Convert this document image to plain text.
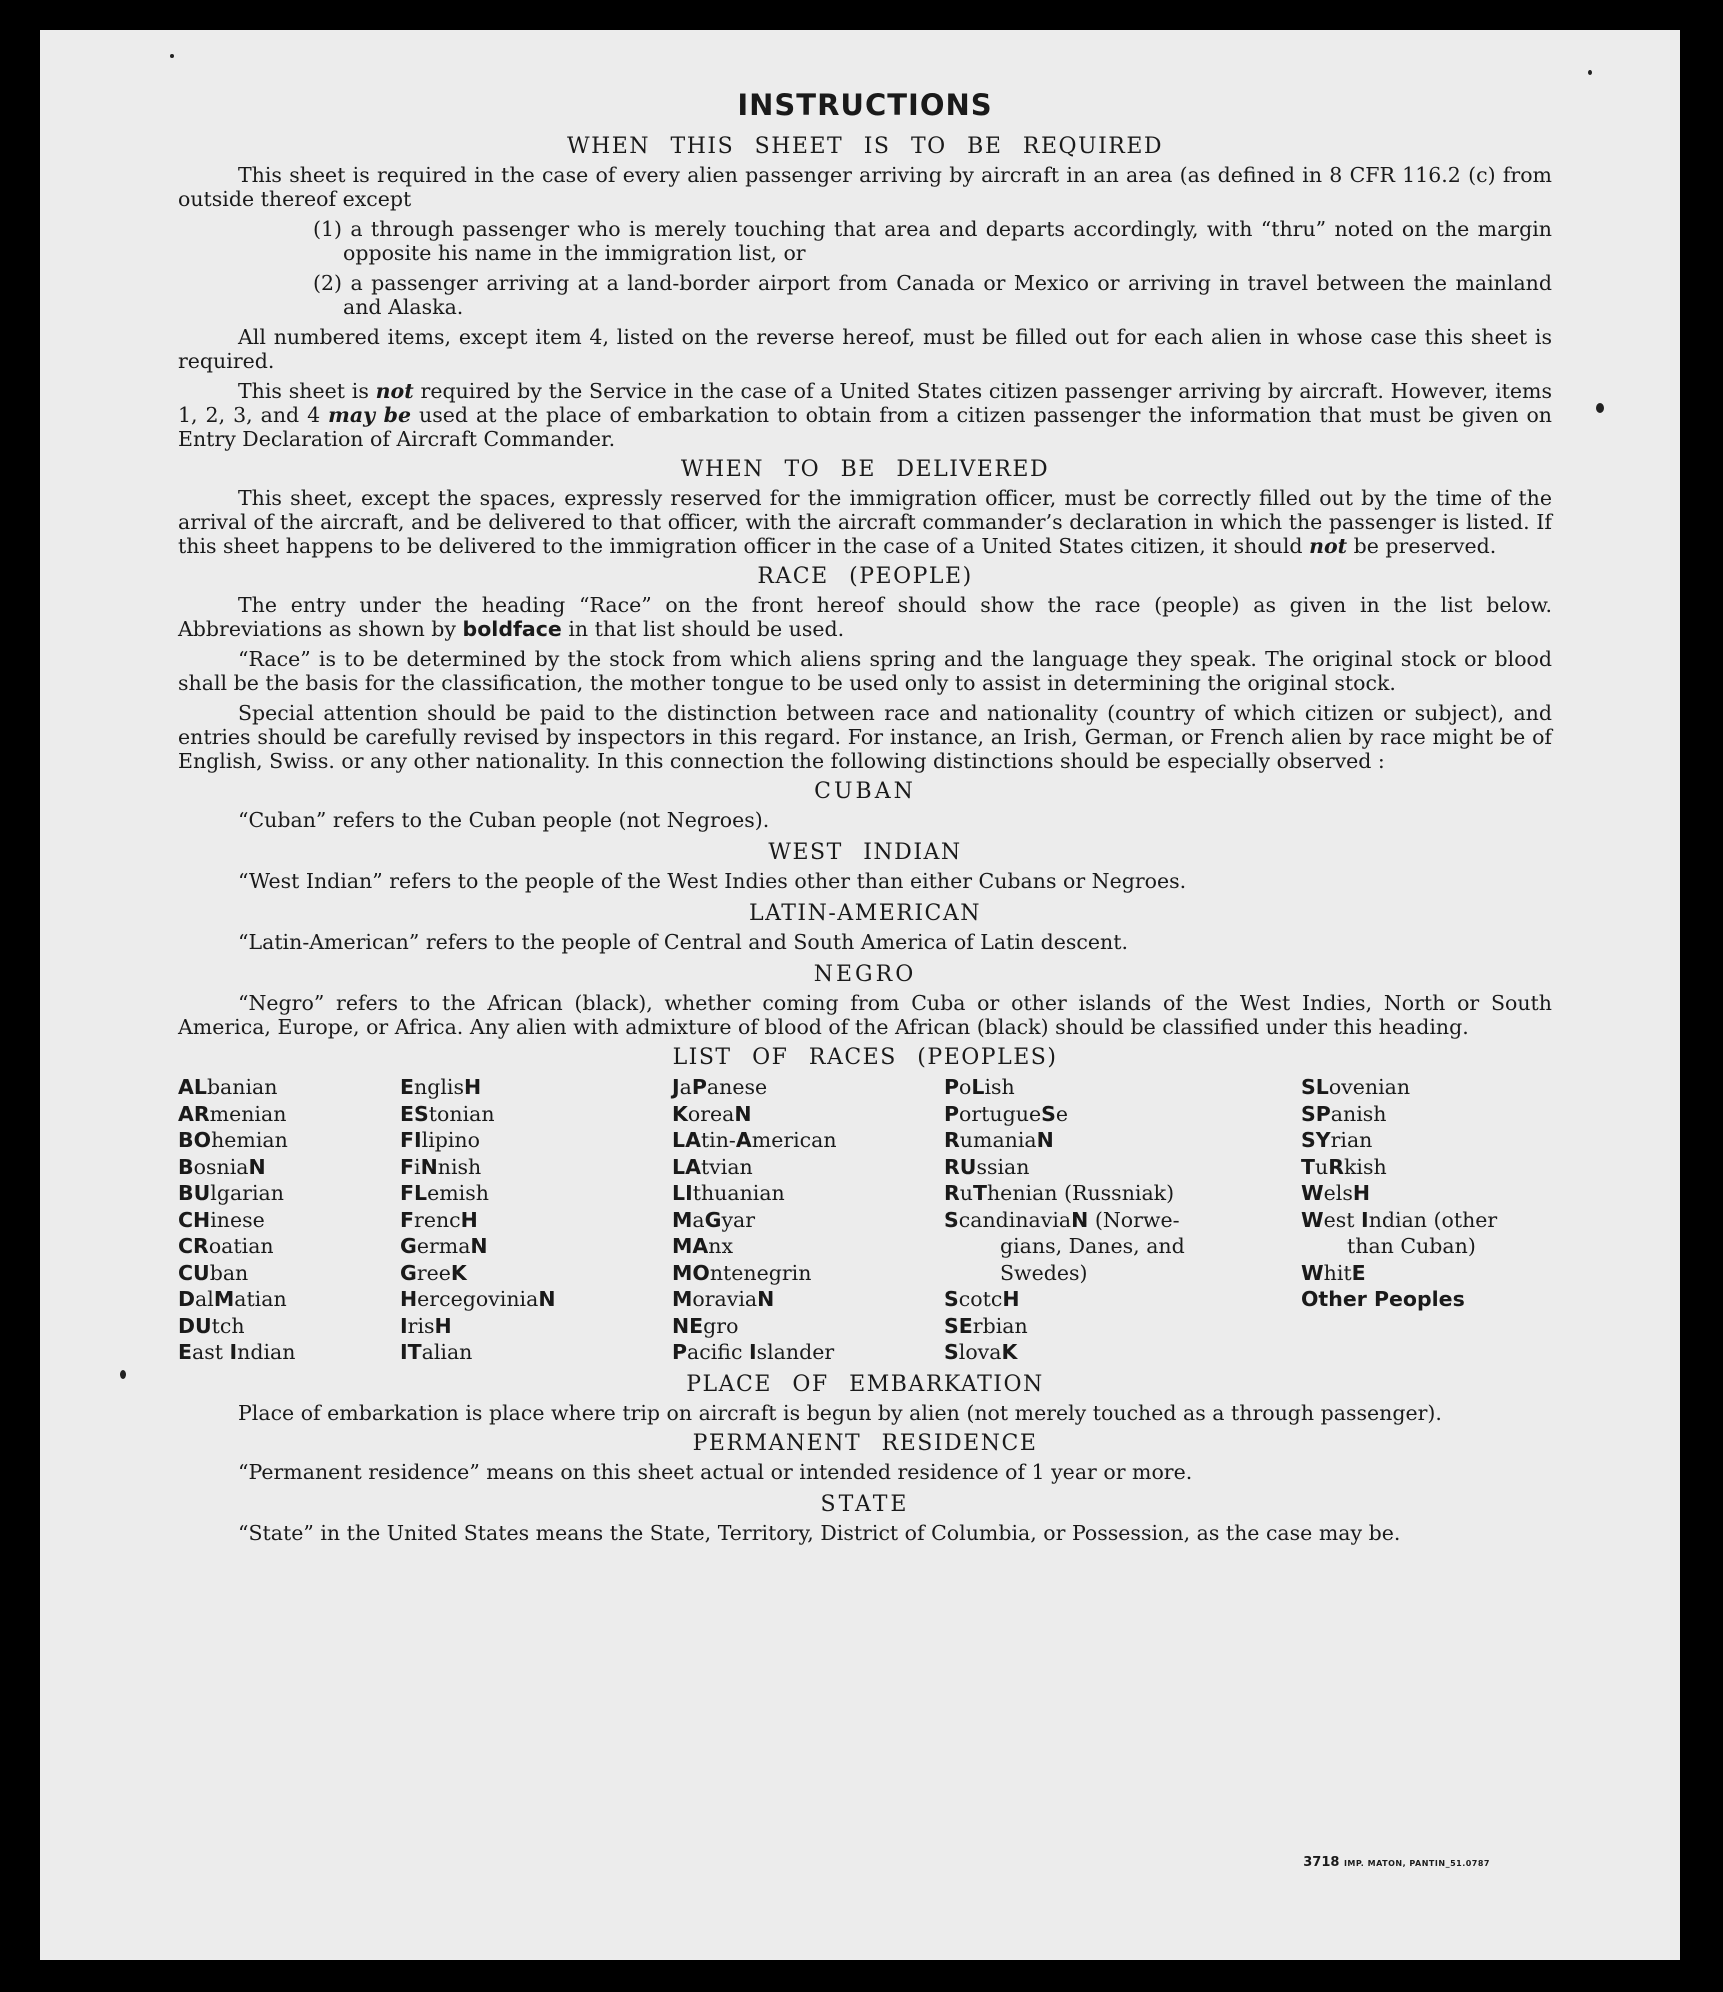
INSTRUCTIONS
WHEN THIS SHEET IS TO BE REQUIRED

This sheet is required in the case of every alien passenger arriving by aircraft in an area (as defined in 8 CFR 116.2 (c) from outside thereof except

(1) a through passenger who is merely touching that area and departs accordingly, with “thru” noted on the margin opposite his name in the immigration list, or

(2) a passenger arriving at a land-border airport from Canada or Mexico or arriving in travel between the mainland and Alaska.

All numbered items, except item 4, listed on the reverse hereof, must be filled out for each alien in whose case this sheet is required.

This sheet is not required by the Service in the case of a United States citizen passenger arriving by aircraft. However, items 1, 2, 3, and 4 may be used at the place of embarkation to obtain from a citizen passenger the information that must be given on Entry Declaration of Aircraft Commander.

WHEN TO BE DELIVERED

This sheet, except the spaces, expressly reserved for the immigration officer, must be correctly filled out by the time of the arrival of the aircraft, and be delivered to that officer, with the aircraft commander’s declaration in which the passenger is listed. If this sheet happens to be delivered to the immigration officer in the case of a United States citizen, it should not be preserved.

RACE (PEOPLE)

The entry under the heading “Race” on the front hereof should show the race (people) as given in the list below. Abbreviations as shown by boldface in that list should be used.

“Race” is to be determined by the stock from which aliens spring and the language they speak. The original stock or blood shall be the basis for the classification, the mother tongue to be used only to assist in determining the original stock.

Special attention should be paid to the distinction between race and nationality (country of which citizen or subject), and entries should be carefully revised by inspectors in this regard. For instance, an Irish, German, or French alien by race might be of English, Swiss. or any other nationality. In this connection the following distinctions should be especially observed :

CUBAN

“Cuban” refers to the Cuban people (not Negroes).

WEST INDIAN

“West Indian” refers to the people of the West Indies other than either Cubans or Negroes.

LATIN-AMERICAN

“Latin-American” refers to the people of Central and South America of Latin descent.

NEGRO

“Negro” refers to the African (black), whether coming from Cuba or other islands of the West Indies, North or South America, Europe, or Africa. Any alien with admixture of blood of the African (black) should be classified under this heading.

LIST OF RACES (PEOPLES)
ALbanian
ARmenian
BOhemian
BosniaN
BUlgarian
CHinese
CRoatian
CUban
DalMatian
DUtch
East Indian
EnglisH
EStonian
FIlipino
FiNnish
FLemish
FrencH
GermaN
GreeK
HercegoviniaN
IrisH
ITalian
JaPanese
KoreaN
LAtin-American
LAtvian
LIthuanian
MaGyar
MAnx
MOntenegrin
MoraviaN
NEgro
Pacific Islander
PoLish
PortugueSe
RumaniaN
RUssian
RuThenian (Russniak)
ScandinaviaN (Norwe-
gians, Danes, and
Swedes)
ScotcH
SErbian
SlovaK
SLovenian
SPanish
SYrian
TuRkish
WelsH
West Indian (other
than Cuban)
WhitE
Other Peoples
PLACE OF EMBARKATION

Place of embarkation is place where trip on aircraft is begun by alien (not merely touched as a through passenger).

PERMANENT RESIDENCE

“Permanent residence” means on this sheet actual or intended residence of 1 year or more.

STATE

“State” in the United States means the State, Territory, District of Columbia, or Possession, as the case may be.

3718 IMP. MATON, PANTIN_51.0787
